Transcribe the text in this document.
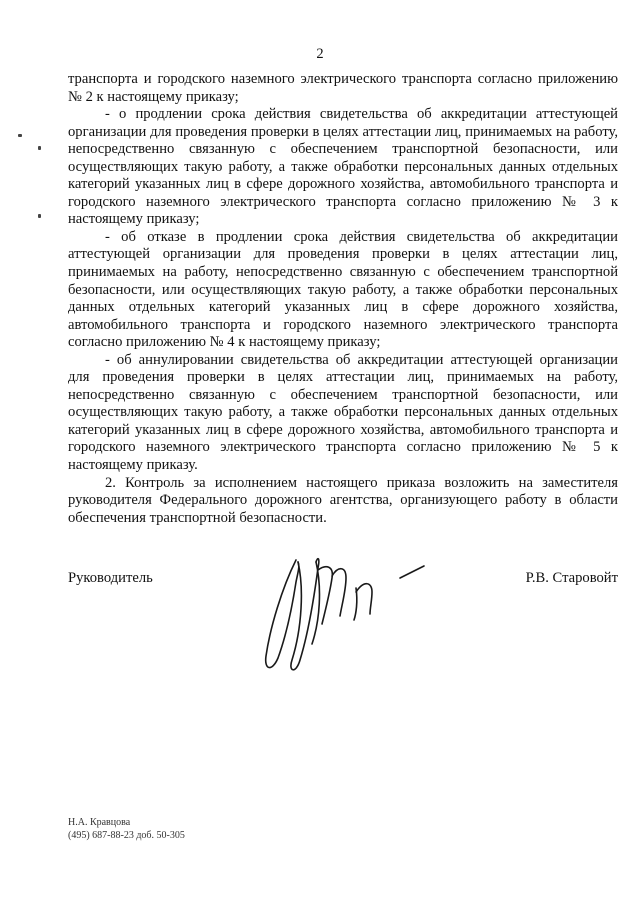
2

транспорта и городского наземного электрического транспорта согласно приложению № 2 к настоящему приказу;

- о продлении срока действия свидетельства об аккредитации аттестующей организации для проведения проверки в целях аттестации лиц, принимаемых на работу, непосредственно связанную с обеспечением транспортной безопасности, или осуществляющих такую работу, а также обработки персональных данных отдельных категорий указанных лиц в сфере дорожного хозяйства, автомобильного транспорта и городского наземного электрического транспорта согласно приложению № 3 к настоящему приказу;

- об отказе в продлении срока действия свидетельства об аккредитации аттестующей организации для проведения проверки в целях аттестации лиц, принимаемых на работу, непосредственно связанную с обеспечением транспортной безопасности, или осуществляющих такую работу, а также обработки персональных данных отдельных категорий указанных лиц в сфере дорожного хозяйства, автомобильного транспорта и городского наземного электрического транспорта согласно приложению № 4 к настоящему приказу;

- об аннулировании свидетельства об аккредитации аттестующей организации для проведения проверки в целях аттестации лиц, принимаемых на работу, непосредственно связанную с обеспечением транспортной безопасности, или осуществляющих такую работу, а также обработки персональных данных отдельных категорий указанных лиц в сфере дорожного хозяйства, автомобильного транспорта и городского наземного электрического транспорта согласно приложению № 5 к настоящему приказу.

2. Контроль за исполнением настоящего приказа возложить на заместителя руководителя Федерального дорожного агентства, организующего работу в области обеспечения транспортной безопасности.

Руководитель	Р.В. Старовойт
Н.А. Кравцова
(495) 687-88-23 доб. 50-305
